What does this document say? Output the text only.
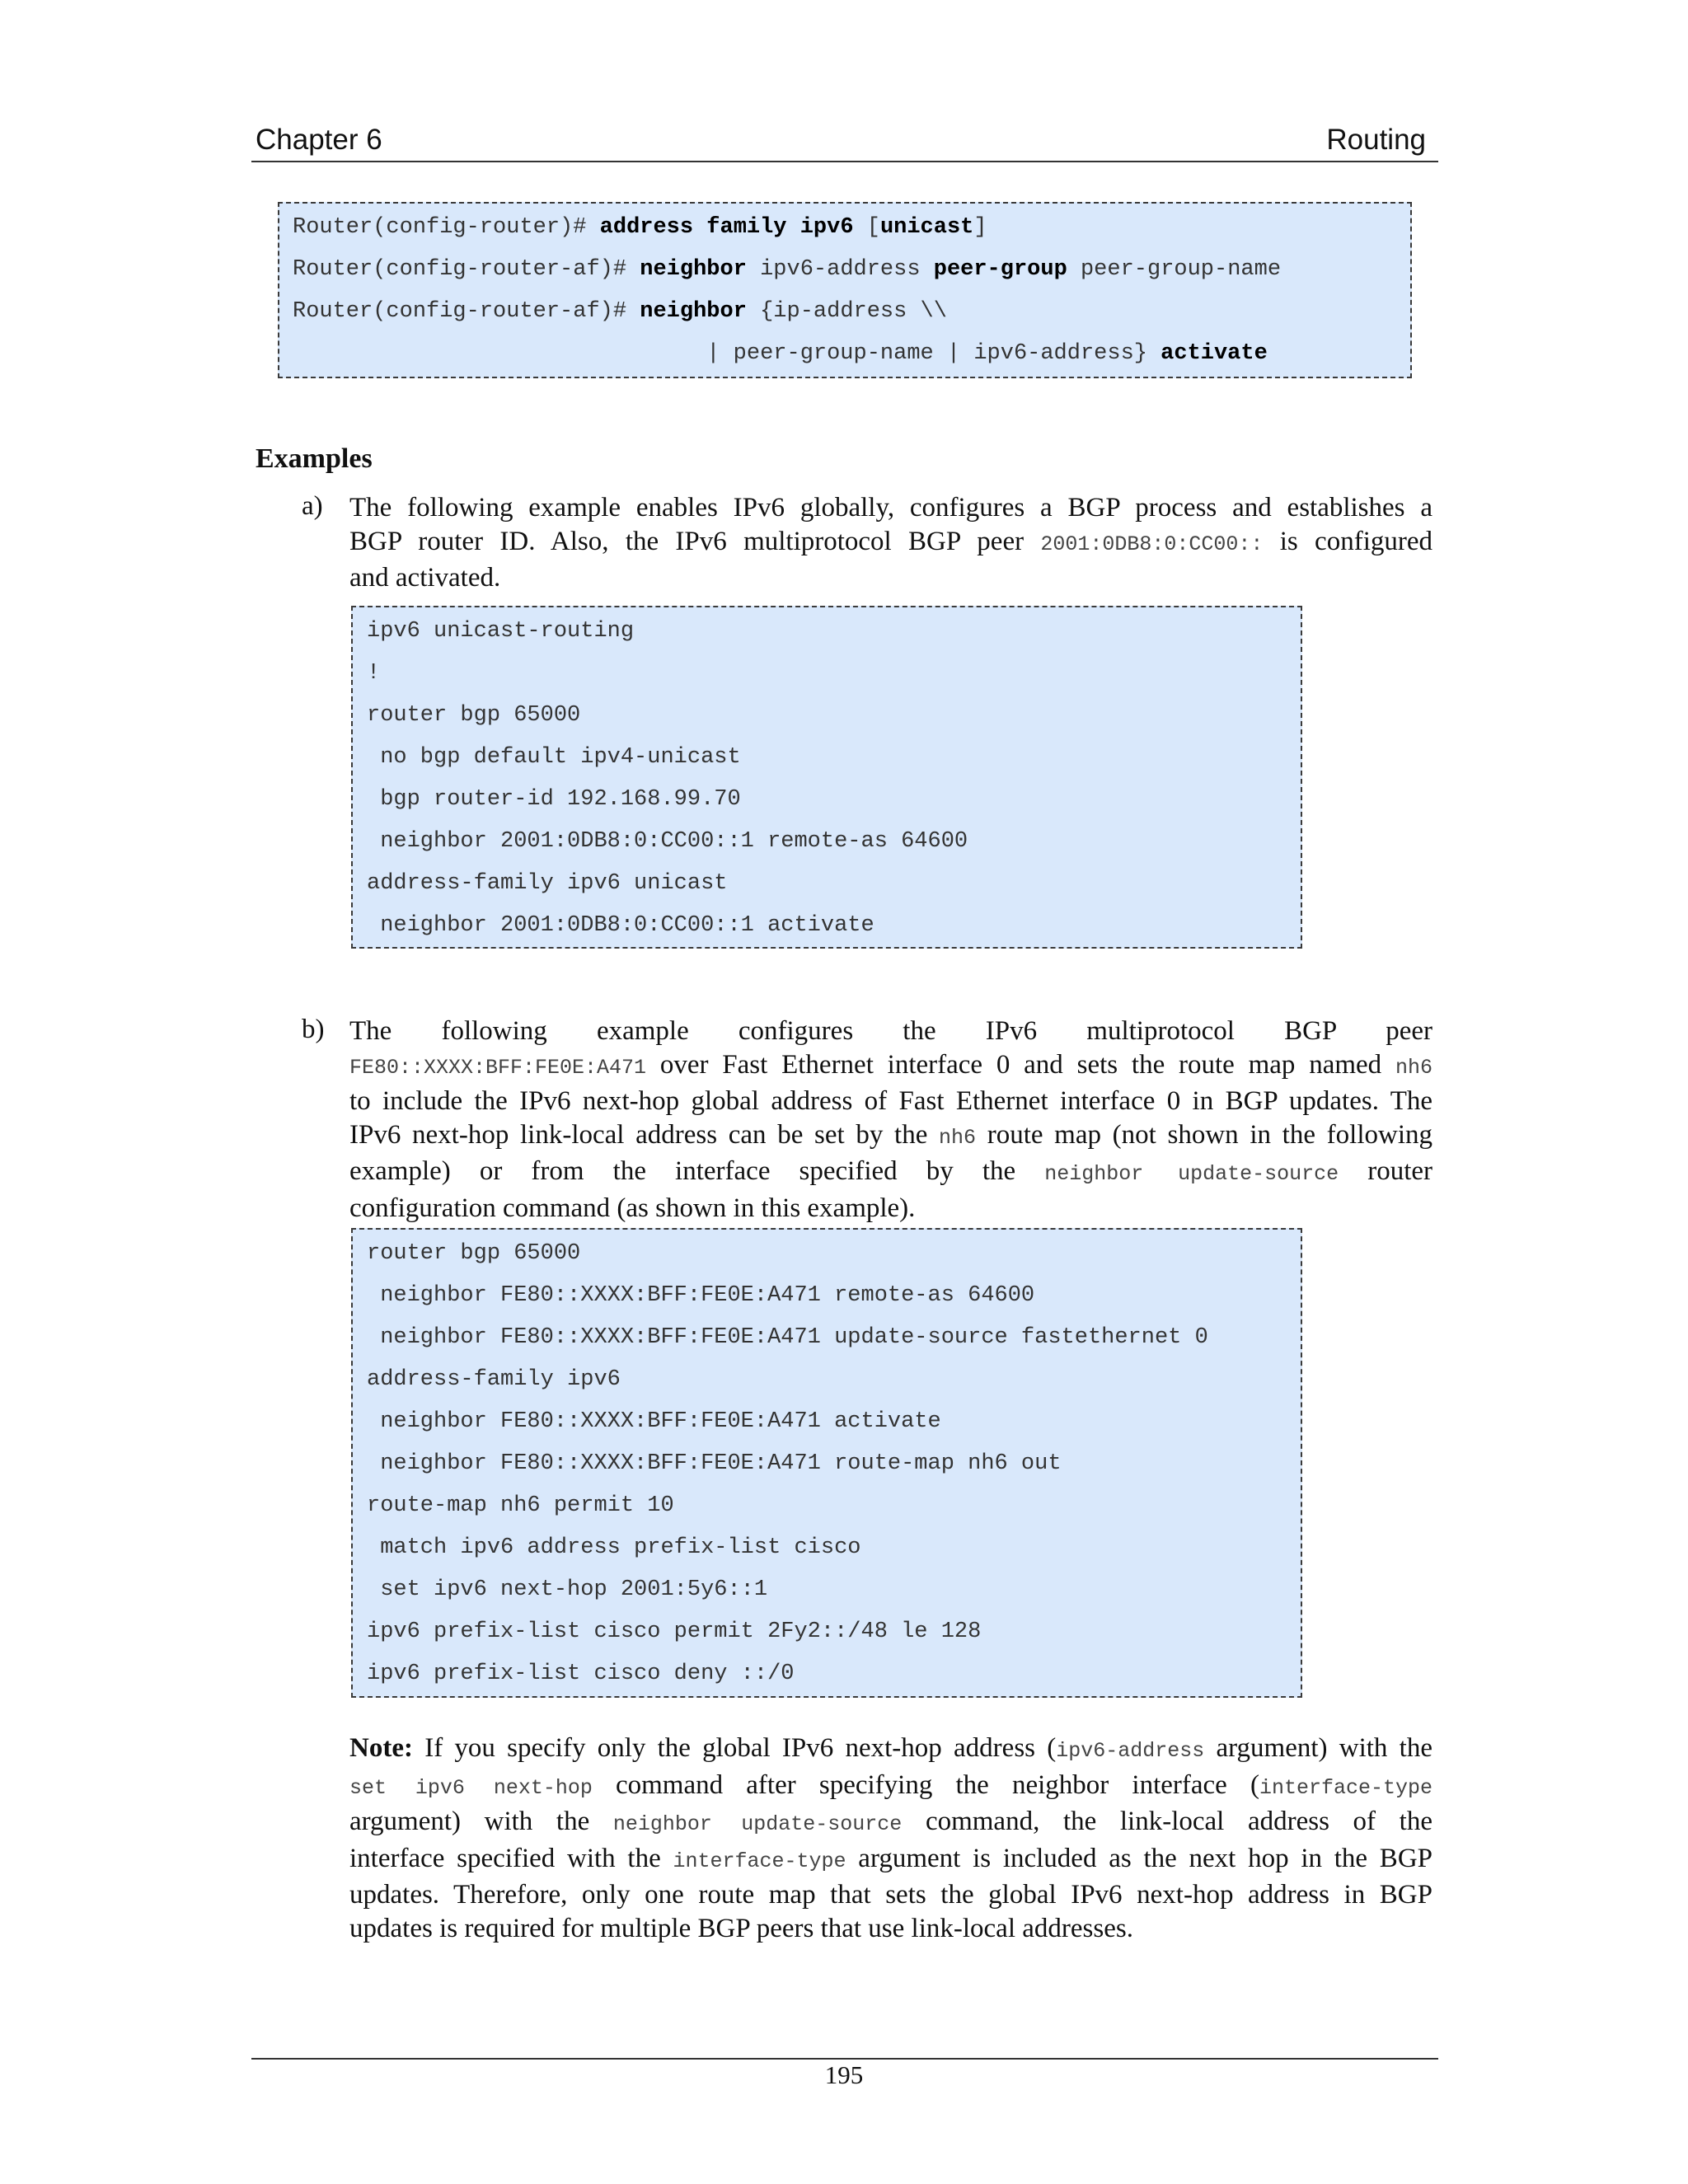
Chapter 6	Routing
Router(config-router)# address family ipv6 [unicast]
Router(config-router-af)# neighbor ipv6-address peer-group peer-group-name
Router(config-router-af)# neighbor {ip-address \\
| peer-group-name | ipv6-address} activate
Examples
a) The following example enables IPv6 globally, configures a BGP process and establishes a
BGP router ID. Also, the IPv6 multiprotocol BGP peer 2001:0DB8:0:CC00:: is configured
and activated.
ipv6 unicast-routing
!
router bgp 65000
no bgp default ipv4-unicast
bgp router-id 192.168.99.70
neighbor 2001:0DB8:0:CC00::1 remote-as 64600
address-family ipv6 unicast
neighbor 2001:0DB8:0:CC00::1 activate
b) The following example configures the IPv6 multiprotocol BGP peer
FE80::XXXX:BFF:FE0E:A471 over Fast Ethernet interface 0 and sets the route map named nh6
to include the IPv6 next-hop global address of Fast Ethernet interface 0 in BGP updates. The
IPv6 next-hop link-local address can be set by the nh6 route map (not shown in the following
example) or from the interface specified by the neighbor update-source router
configuration command (as shown in this example).
router bgp 65000
neighbor FE80::XXXX:BFF:FE0E:A471 remote-as 64600
neighbor FE80::XXXX:BFF:FE0E:A471 update-source fastethernet 0
address-family ipv6
neighbor FE80::XXXX:BFF:FE0E:A471 activate
neighbor FE80::XXXX:BFF:FE0E:A471 route-map nh6 out
route-map nh6 permit 10
match ipv6 address prefix-list cisco
set ipv6 next-hop 2001:5y6::1
ipv6 prefix-list cisco permit 2Fy2::/48 le 128
ipv6 prefix-list cisco deny ::/0
Note: If you specify only the global IPv6 next-hop address (ipv6-address argument) with the
set ipv6 next-hop command after specifying the neighbor interface (interface-type
argument) with the neighbor update-source command, the link-local address of the
interface specified with the interface-type argument is included as the next hop in the BGP
updates. Therefore, only one route map that sets the global IPv6 next-hop address in BGP
updates is required for multiple BGP peers that use link-local addresses.
195
